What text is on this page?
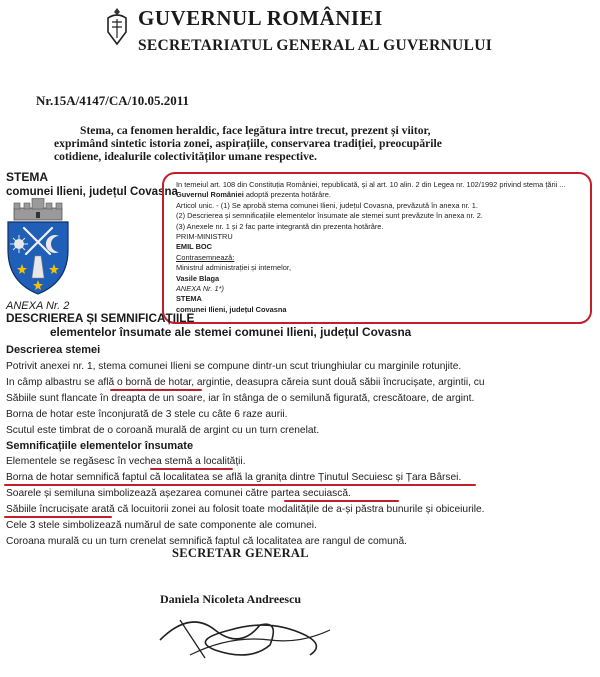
GUVERNUL ROMÂNIEI
SECRETARIATUL GENERAL AL GUVERNULUI
Nr.15A/4147/CA/10.05.2011
Stema, ca fenomen heraldic, face legătura intre trecut, prezent și viitor, exprimând sintetic istoria zonei, aspirațiile, conservarea tradiției, preocupările cotidiene, idealurile colectivităților umane respective.
STEMA
comunei Ilieni, județul Covasna
ANEXA Nr. 2
In temeiul art. 108 din Constituția României, republicată, și al art. 10 alin. 2 din Legea nr. 102/1992 privind stema țării ...
Guvernul României adoptă prezenta hotărâre.
Articol unic. - (1) Se aprobă stema comunei Ilieni, județul Covasna, prevăzută în anexa nr. 1.
(2) Descrierea și semnificațiile elementelor însumate ale stemei sunt prevăzute în anexa nr. 2.
(3) Anexele nr. 1 și 2 fac parte integrantă din prezenta hotărâre.
PRIM-MINISTRU
EMIL BOC
Contrasemnează:
Ministrul administrației și internelor,
Vasile Blaga
ANEXA Nr. 1*)
STEMA
comunei Ilieni, județul Covasna
DESCRIEREA ȘI SEMNIFICAȚIILE
elementelor însumate ale stemei comunei Ilieni, județul Covasna
Descrierea stemei
Potrivit anexei nr. 1, stema comunei Ilieni se compune dintr-un scut triunghiular cu marginile rotunjite.
In câmp albastru se află o bornă de hotar, argintie, deasupra căreia sunt două săbii încrucișate, argintii, cu
Săbiile sunt flancate în dreapta de un soare, iar în stânga de o semilună figurată, crescătoare, de argint.
Borna de hotar este înconjurată de 3 stele cu câte 6 raze aurii.
Scutul este timbrat de o coroană murală de argint cu un turn crenelat.
Semnificațiile elementelor însumate
Elementele se regăsesc în vechea stemă a localității.
Borna de hotar semnifică faptul că localitatea se află la granița dintre Ținutul Secuiesc și Țara Bârsei.
Soarele și semiluna simbolizează așezarea comunei către partea secuiască.
Săbiile încrucișate arată că locuitorii zonei au folosit toate modalitățile de a-și păstra bunurile și obiceiurile.
Cele 3 stele simbolizează numărul de sate componente ale comunei.
Coroana murală cu un turn crenelat semnifică faptul că localitatea are rangul de comună.
SECRETAR GENERAL
Daniela Nicoleta Andreescu
